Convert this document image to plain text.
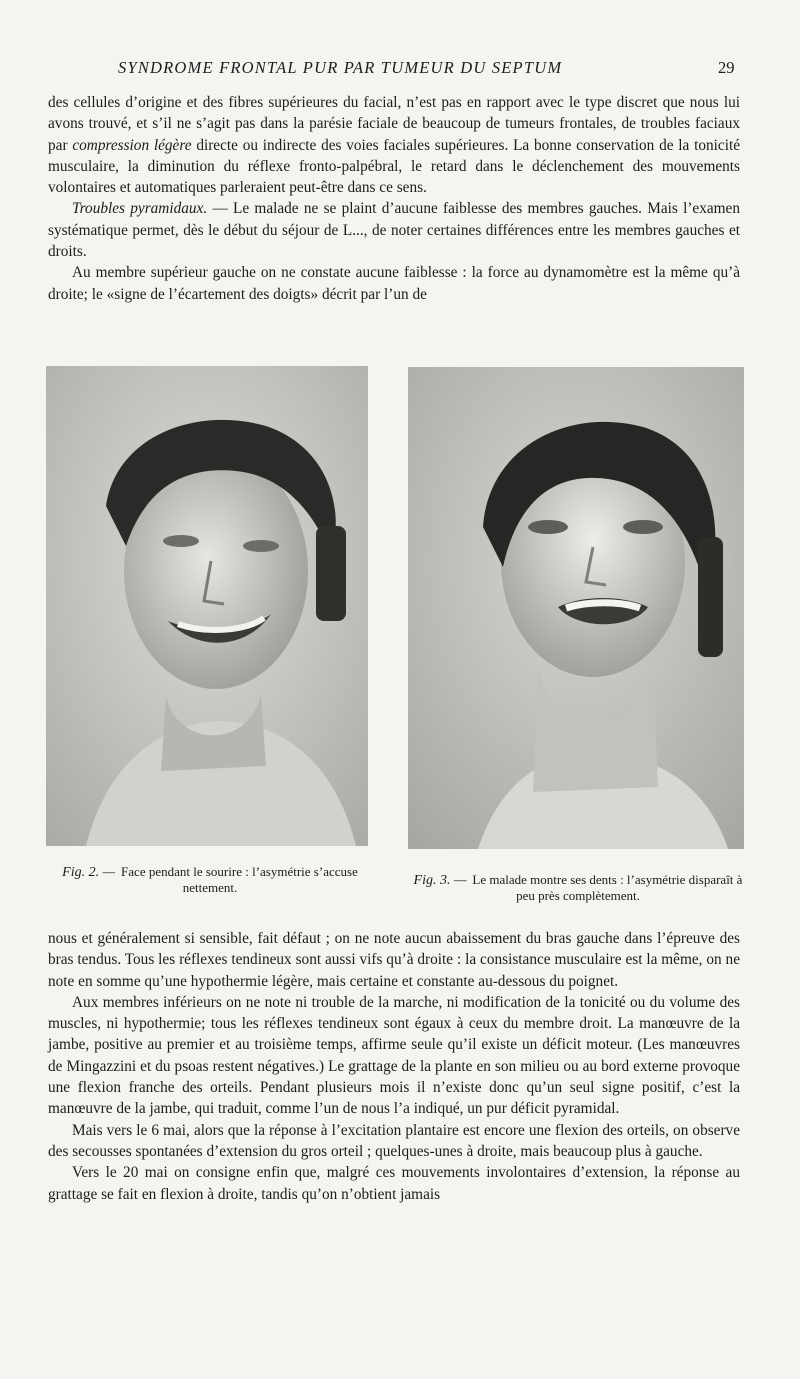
SYNDROME FRONTAL PUR PAR TUMEUR DU SEPTUM	29

des cellules d’origine et des fibres supérieures du facial, n’est pas en rapport avec le type discret que nous lui avons trouvé, et s’il ne s’agit pas dans la parésie faciale de beaucoup de tumeurs frontales, de troubles faciaux par compression légère directe ou indirecte des voies faciales supérieures. La bonne conservation de la tonicité musculaire, la diminution du réflexe fronto-palpébral, le retard dans le déclenchement des mouvements volontaires et automatiques parleraient peut-être dans ce sens.

Troubles pyramidaux. — Le malade ne se plaint d’aucune faiblesse des membres gauches. Mais l’examen systématique permet, dès le début du séjour de L..., de noter certaines différences entre les membres gauches et droits.

Au membre supérieur gauche on ne constate aucune faiblesse : la force au dynamomètre est la même qu’à droite; le «signe de l’écartement des doigts» décrit par l’un de

Fig. 2. — Face pendant le sourire : l’asymétrie s’accuse nettement.	Fig. 3. — Le malade montre ses dents : l’asymétrie disparaît à peu près complètement.

nous et généralement si sensible, fait défaut ; on ne note aucun abaissement du bras gauche dans l’épreuve des bras tendus. Tous les réflexes tendineux sont aussi vifs qu’à droite : la consistance musculaire est la même, on ne note en somme qu’une hypothermie légère, mais certaine et constante au-dessous du poignet.

Aux membres inférieurs on ne note ni trouble de la marche, ni modification de la tonicité ou du volume des muscles, ni hypothermie; tous les réflexes tendineux sont égaux à ceux du membre droit. La manœuvre de la jambe, positive au premier et au troisième temps, affirme seule qu’il existe un déficit moteur. (Les manœuvres de Mingazzini et du psoas restent négatives.) Le grattage de la plante en son milieu ou au bord externe provoque une flexion franche des orteils. Pendant plusieurs mois il n’existe donc qu’un seul signe positif, c’est la manœuvre de la jambe, qui traduit, comme l’un de nous l’a indiqué, un pur déficit pyramidal.

Mais vers le 6 mai, alors que la réponse à l’excitation plantaire est encore une flexion des orteils, on observe des secousses spontanées d’extension du gros orteil ; quelques-unes à droite, mais beaucoup plus à gauche.

Vers le 20 mai on consigne enfin que, malgré ces mouvements involontaires d’extension, la réponse au grattage se fait en flexion à droite, tandis qu’on n’obtient jamais
